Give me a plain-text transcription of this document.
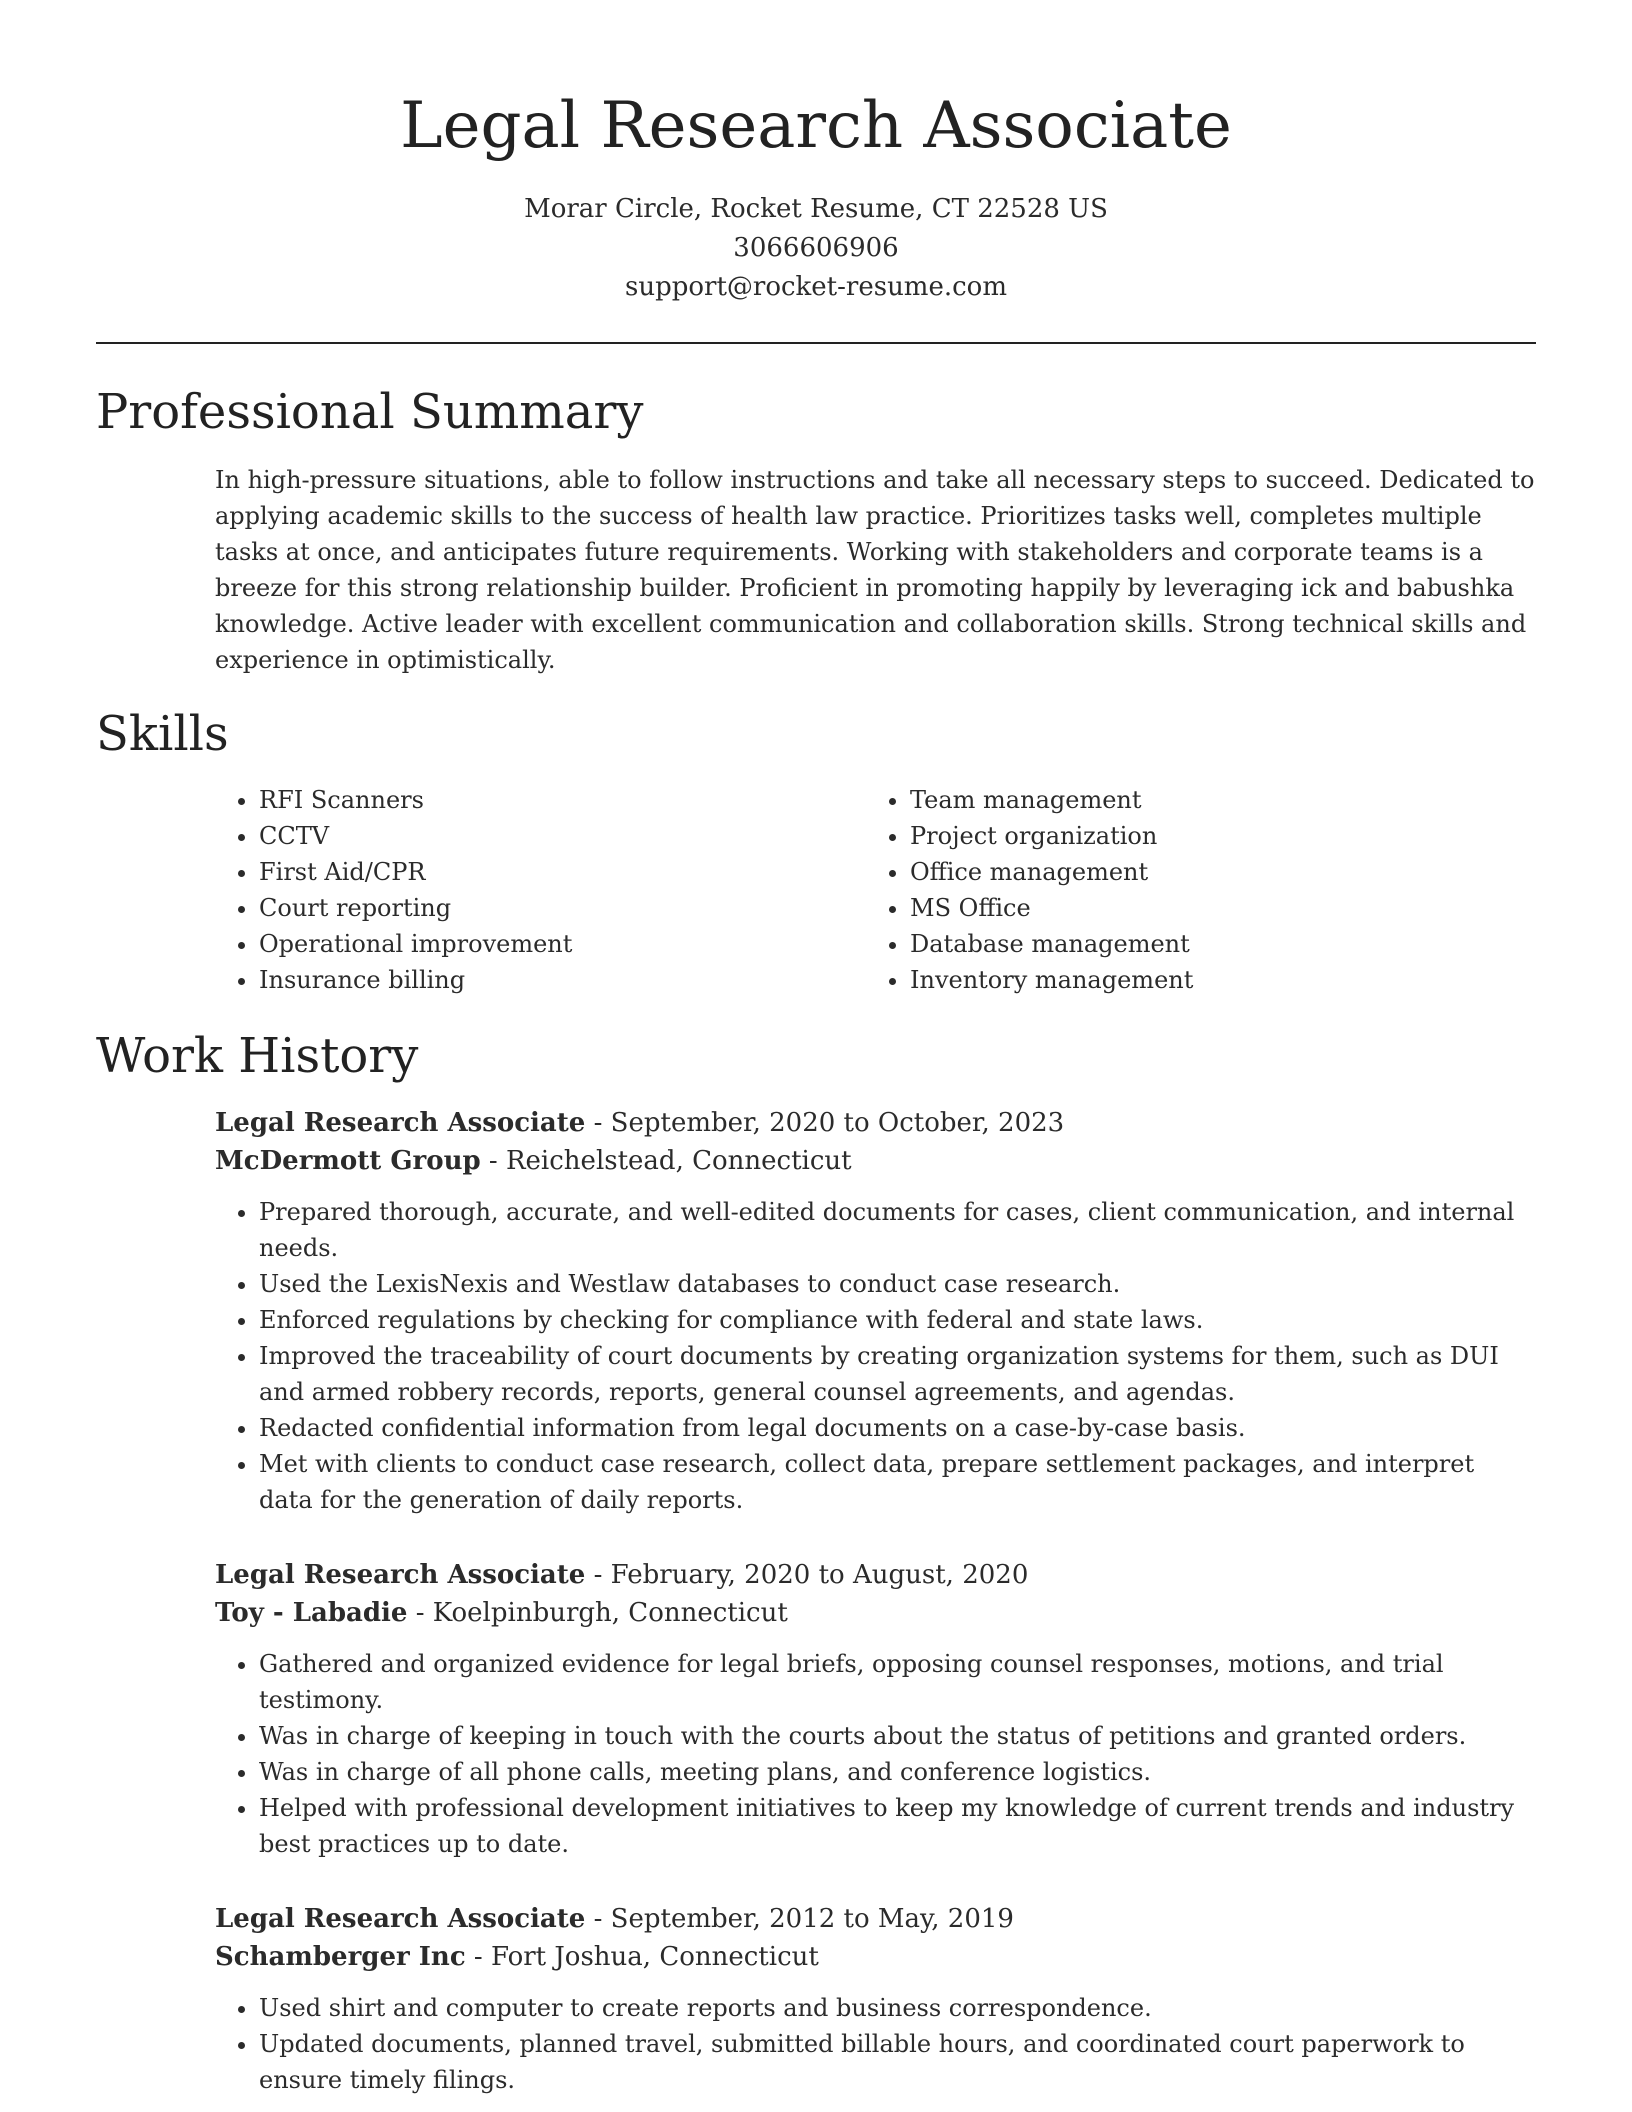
Legal Research Associate
Morar Circle, Rocket Resume, CT 22528 US
3066606906
support@rocket-resume.com
Professional Summary
In high-pressure situations, able to follow instructions and take all necessary steps to succeed. Dedicated to applying academic skills to the success of health law practice. Prioritizes tasks well, completes multiple tasks at once, and anticipates future requirements. Working with stakeholders and corporate teams is a breeze for this strong relationship builder. Proficient in promoting happily by leveraging ick and babushka knowledge. Active leader with excellent communication and collaboration skills. Strong technical skills and experience in optimistically.
Skills
• RFI Scanners
• CCTV
• First Aid/CPR
• Court reporting
• Operational improvement
• Insurance billing
• Team management
• Project organization
• Office management
• MS Office
• Database management
• Inventory management
Work History
Legal Research Associate - September, 2020 to October, 2023
McDermott Group - Reichelstead, Connecticut
• Prepared thorough, accurate, and well-edited documents for cases, client communication, and internal needs.
• Used the LexisNexis and Westlaw databases to conduct case research.
• Enforced regulations by checking for compliance with federal and state laws.
• Improved the traceability of court documents by creating organization systems for them, such as DUI and armed robbery records, reports, general counsel agreements, and agendas.
• Redacted confidential information from legal documents on a case-by-case basis.
• Met with clients to conduct case research, collect data, prepare settlement packages, and interpret data for the generation of daily reports.
Legal Research Associate - February, 2020 to August, 2020
Toy - Labadie - Koelpinburgh, Connecticut
• Gathered and organized evidence for legal briefs, opposing counsel responses, motions, and trial testimony.
• Was in charge of keeping in touch with the courts about the status of petitions and granted orders.
• Was in charge of all phone calls, meeting plans, and conference logistics.
• Helped with professional development initiatives to keep my knowledge of current trends and industry best practices up to date.
Legal Research Associate - September, 2012 to May, 2019
Schamberger Inc - Fort Joshua, Connecticut
• Used shirt and computer to create reports and business correspondence.
• Updated documents, planned travel, submitted billable hours, and coordinated court paperwork to ensure timely filings.
